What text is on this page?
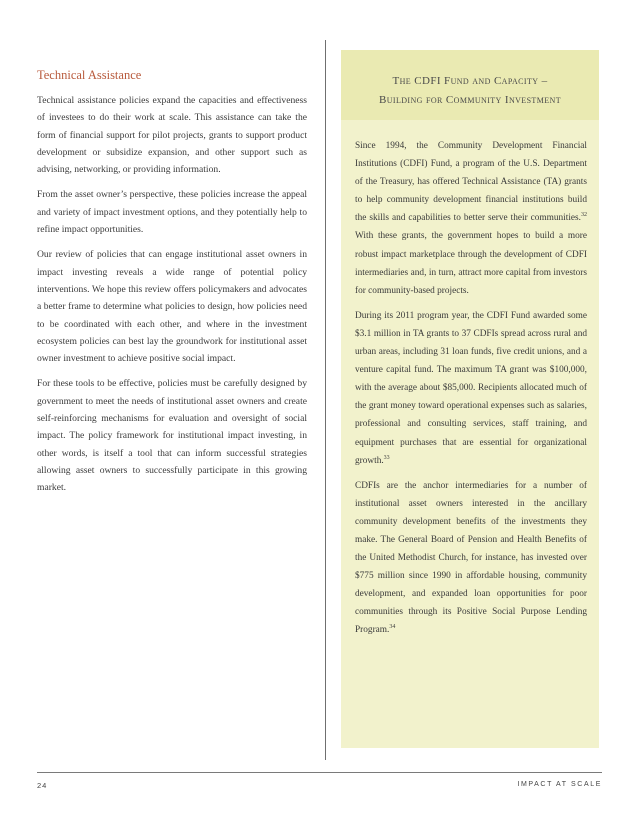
Technical Assistance

Technical assistance policies expand the capacities and effectiveness of investees to do their work at scale. This assistance can take the form of financial support for pilot projects, grants to support product development or subsidize expansion, and other support such as advising, networking, or providing information.

From the asset owner’s perspective, these policies increase the appeal and variety of impact investment options, and they potentially help to refine impact opportunities.

Our review of policies that can engage institutional asset owners in impact investing reveals a wide range of potential policy interventions. We hope this review offers policymakers and advocates a better frame to determine what policies to design, how policies need to be coordinated with each other, and where in the investment ecosystem policies can best lay the groundwork for institutional asset owner investment to achieve positive social impact.

For these tools to be effective, policies must be carefully designed by government to meet the needs of institutional asset owners and create self-reinforcing mechanisms for evaluation and oversight of social impact. The policy framework for institutional impact investing, in other words, is itself a tool that can inform successful strategies allowing asset owners to successfully participate in this growing market.

The CDFI Fund and Capacity –
Building for Community Investment

Since 1994, the Community Development Financial Institutions (CDFI) Fund, a program of the U.S. Department of the Treasury, has offered Technical Assistance (TA) grants to help community development financial institutions build the skills and capabilities to better serve their communities.$^{32}$ With these grants, the government hopes to build a more robust impact marketplace through the development of CDFI intermediaries and, in turn, attract more capital from investors for community-based projects.

During its 2011 program year, the CDFI Fund awarded some $3.1 million in TA grants to 37 CDFIs spread across rural and urban areas, including 31 loan funds, five credit unions, and a venture capital fund. The maximum TA grant was $100,000, with the average about $85,000. Recipients allocated much of the grant money toward operational expenses such as salaries, professional and consulting services, staff training, and equipment purchases that are essential for organizational growth.$^{33}$

CDFIs are the anchor intermediaries for a number of institutional asset owners interested in the ancillary community development benefits of the investments they make. The General Board of Pension and Health Benefits of the United Methodist Church, for instance, has invested over $775 million since 1990 in affordable housing, community development, and expanded loan opportunities for poor communities through its Positive Social Purpose Lending Program.$^{34}$

24	IMPACT AT SCALE
